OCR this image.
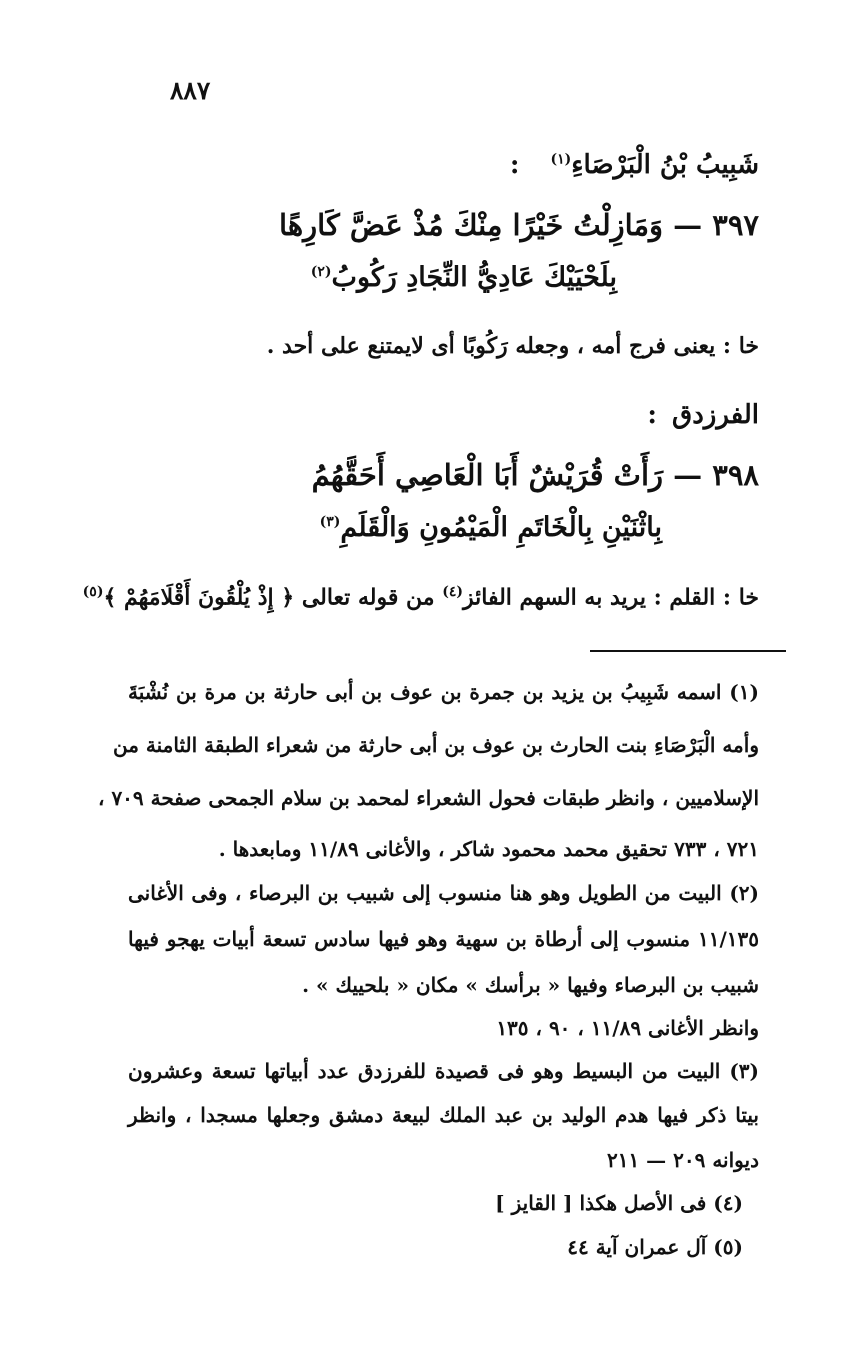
٨٨٧
شَبِيبُ بْنُ الْبَرْصَاءِ$^{(١)}$ :
٣٩٧ — وَمَازِلْتُ خَيْرًا مِنْكَ مُذْ عَضَّ كَارِهًا
بِلَحْيَيْكَ عَادِيُّ النِّجَادِ رَكُوبُ$^{(٢)}$
خا : يعنى فرج أمه ، وجعله رَكُوبًا أى لايمتنع على أحد .
الفرزدق :
٣٩٨ — رَأَتْ قُرَيْشٌ أَبَا الْعَاصِي أَحَقَّهُمُ
بِاثْنَيْنِ بِالْخَاتَمِ الْمَيْمُونِ وَالْقَلَمِ$^{(٣)}$
خا : القلم : يريد به السهم الفائز$^{(٤)}$ من قوله تعالى ﴿ إِذْ يُلْقُونَ أَقْلَامَهُمْ ﴾$^{(٥)}$
(١) اسمه شَبِيبُ بن يزيد بن جمرة بن عوف بن أبى حارثة بن مرة بن نُشْبَةَ
وأمه الْبَرْصَاءِ بنت الحارث بن عوف بن أبى حارثة من شعراء الطبقة الثامنة من
الإسلاميين ، وانظر طبقات فحول الشعراء لمحمد بن سلام الجمحى صفحة ٧٠٩ ،
٧٢١ ، ٧٣٣ تحقيق محمد محمود شاكر ، والأغانى ١١/٨٩ ومابعدها .
(٢) البيت من الطويل وهو هنا منسوب إلى شبيب بن البرصاء ، وفى الأغانى
١١/١٣٥ منسوب إلى أرطاة بن سهية وهو فيها سادس تسعة أبيات يهجو فيها
شبيب بن البرصاء وفيها « برأسك » مكان « بلحييك » .
وانظر الأغانى ١١/٨٩ ، ٩٠ ، ١٣٥
(٣) البيت من البسيط وهو فى قصيدة للفرزدق عدد أبياتها تسعة وعشرون
بيتا ذكر فيها هدم الوليد بن عبد الملك لبيعة دمشق وجعلها مسجدا ، وانظر
ديوانه ٢٠٩ — ٢١١
(٤) فى الأصل هكذا [ القايز ]
(٥) آل عمران آية ٤٤
